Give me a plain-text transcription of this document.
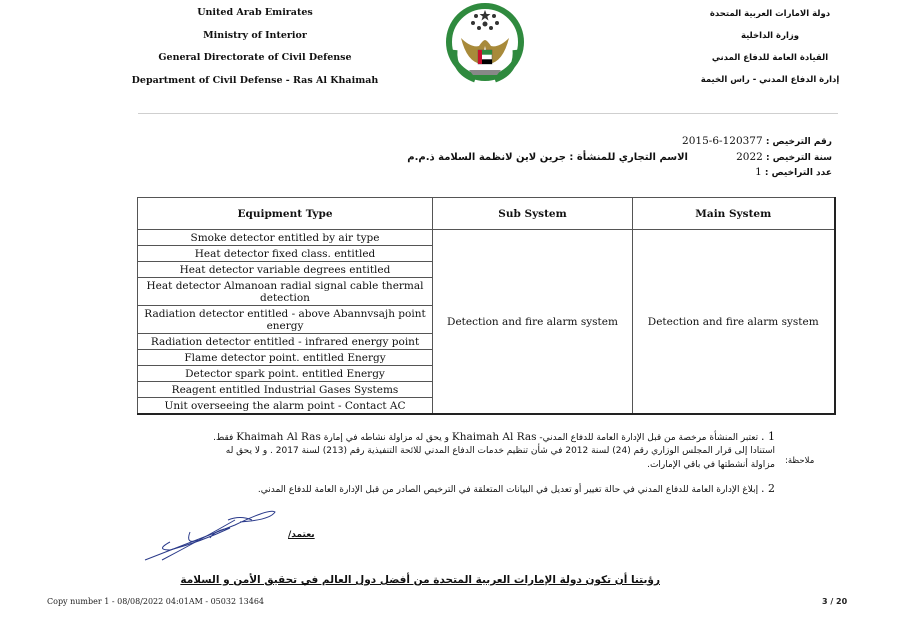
United Arab Emirates
Ministry of Interior
General Directorate of Civil Defense
Department of Civil Defense - Ras Al Khaimah
دولة الامارات العربية المتحدة
وزارة الداخلية
القيادة العامة للدفاع المدني
إدارة الدفاع المدني - راس الخيمة
رقم الترخيص : 120377-6-2015
سنة الترخيص : 2022
عدد التراخيص : 1
الاسم التجاري للمنشأة : جرين لاين لانظمة السلامة ذ.م.م
Equipment Type	Sub System	Main System
Smoke detector entitled by air type	Detection and fire alarm system	Detection and fire alarm system
Heat detector fixed class. entitled		
Heat detector variable degrees entitled		
Heat detector Almanoan radial signal cable thermal detection		
Radiation detector entitled - above Abannvsajh point energy		
Radiation detector entitled - infrared energy point		
Flame detector point. entitled Energy		
Detector spark point. entitled Energy		
Reagent entitled Industrial Gases Systems		
Unit overseeing the alarm point - Contact AC		
ملاحظة:
1 . تعتبر المنشأة مرخصة من قبل الإدارة العامة للدفاع المدني- Khaimah Al Ras و يحق له مزاولة نشاطه في إمارة Khaimah Al Ras فقط.
استنادا إلى قرار المجلس الوزاري رقم (24) لسنة 2012 في شأن تنظيم خدمات الدفاع المدني للائحة التنفيذية رقم (213) لسنة 2017 . و لا يحق له
مزاولة أنشطتها في باقي الإمارات.
2 . إبلاغ الإدارة العامة للدفاع المدني في حالة تغيير أو تعديل في البيانات المتعلقة في الترخيص الصادر من قبل الإدارة العامة للدفاع المدني.
يعتمد/
رؤيتنا أن تكون دولة الإمارات العربية المتحدة من أفضل دول العالم في تحقيق الأمن و السلامة
Copy number 1 - 08/08/2022 04:01AM - 05032 13464	3 / 20
